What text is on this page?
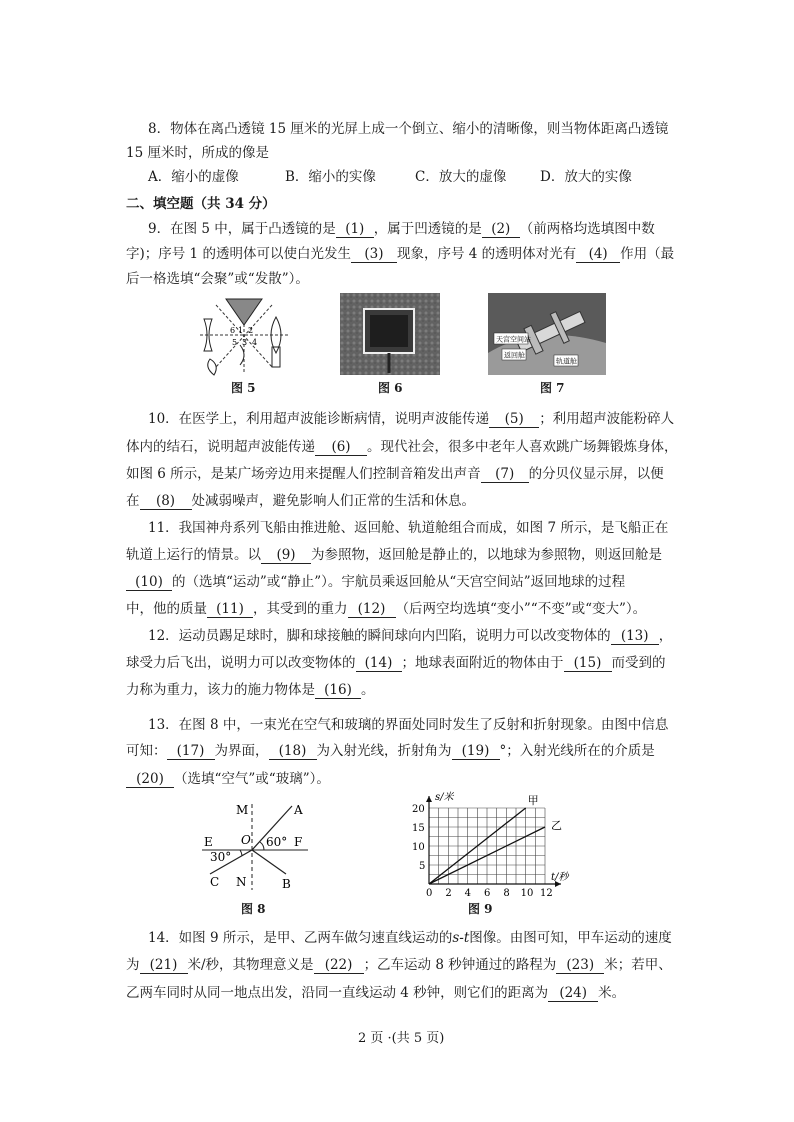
8．物体在离凸透镜 15 厘米的光屏上成一个倒立、缩小的清晰像，则当物体距离凸透镜
15 厘米时，所成的像是
A．缩小的虚像	B．缩小的实像	C．放大的虚像 D．放大的实像
二、填空题（共 34 分）
9．在图 5 中，属于凸透镜的是 (1) ，属于凹透镜的是 (2) （前两格均选填图中数
字)；序号 1 的透明体可以使白光发生 (3) 现象，序号 4 的透明体对光有 (4) 作用（最
后一格选填“会聚”或“发散”）。
6 1 2
5 3 4
图 5	图 6
天宫空间站
返回舱
轨道舱
图 7
10．在医学上，利用超声波能诊断病情，说明声波能传递 (5) ；利用超声波能粉碎人
体内的结石，说明超声波能传递 (6) 。现代社会，很多中老年人喜欢跳广场舞锻炼身体，
如图 6 所示，是某广场旁边用来提醒人们控制音箱发出声音 (7) 的分贝仪显示屏，以便
在 (8) 处减弱噪声，避免影响人们正常的生活和休息。
11．我国神舟系列飞船由推进舱、返回舱、轨道舱组合而成，如图 7 所示，是飞船正在
轨道上运行的情景。以 (9) 为参照物，返回舱是静止的，以地球为参照物，则返回舱是
(10) 的（选填“运动”或“静止”）。宇航员乘返回舱从“天宫空间站”返回地球的过程
中，他的质量 (11) ，其受到的重力 (12) （后两空均选填“变小”“不变”或“变大”）。
12．运动员踢足球时，脚和球接触的瞬间球向内凹陷，说明力可以改变物体的 (13) ，
球受力后飞出，说明力可以改变物体的 (14) ；地球表面附近的物体由于 (15) 而受到的
力称为重力，该力的施力物体是 (16) 。
13．在图 8 中，一束光在空气和玻璃的界面处同时发生了反射和折射现象。由图中信息
可知： (17) 为界面， (18) 为入射光线，折射角为 (19) °；入射光线所在的介质是
(20) （选填“空气”或“玻璃”）。
M	A
O 60° F
E
30°
C N	B
图 8
甲
乙
0 2 4 6 8 10 12
5
10
15
20
t/秒
s/米
图 9
14．如图 9 所示，是甲、乙两车做匀速直线运动的s-t图像。由图可知，甲车运动的速度
为 (21) 米/秒，其物理意义是 (22) ；乙车运动 8 秒钟通过的路程为 (23) 米；若甲、
乙两车同时从同一地点出发，沿同一直线运动 4 秒钟，则它们的距离为 (24) 米。
2 页 ·(共 5 页)
